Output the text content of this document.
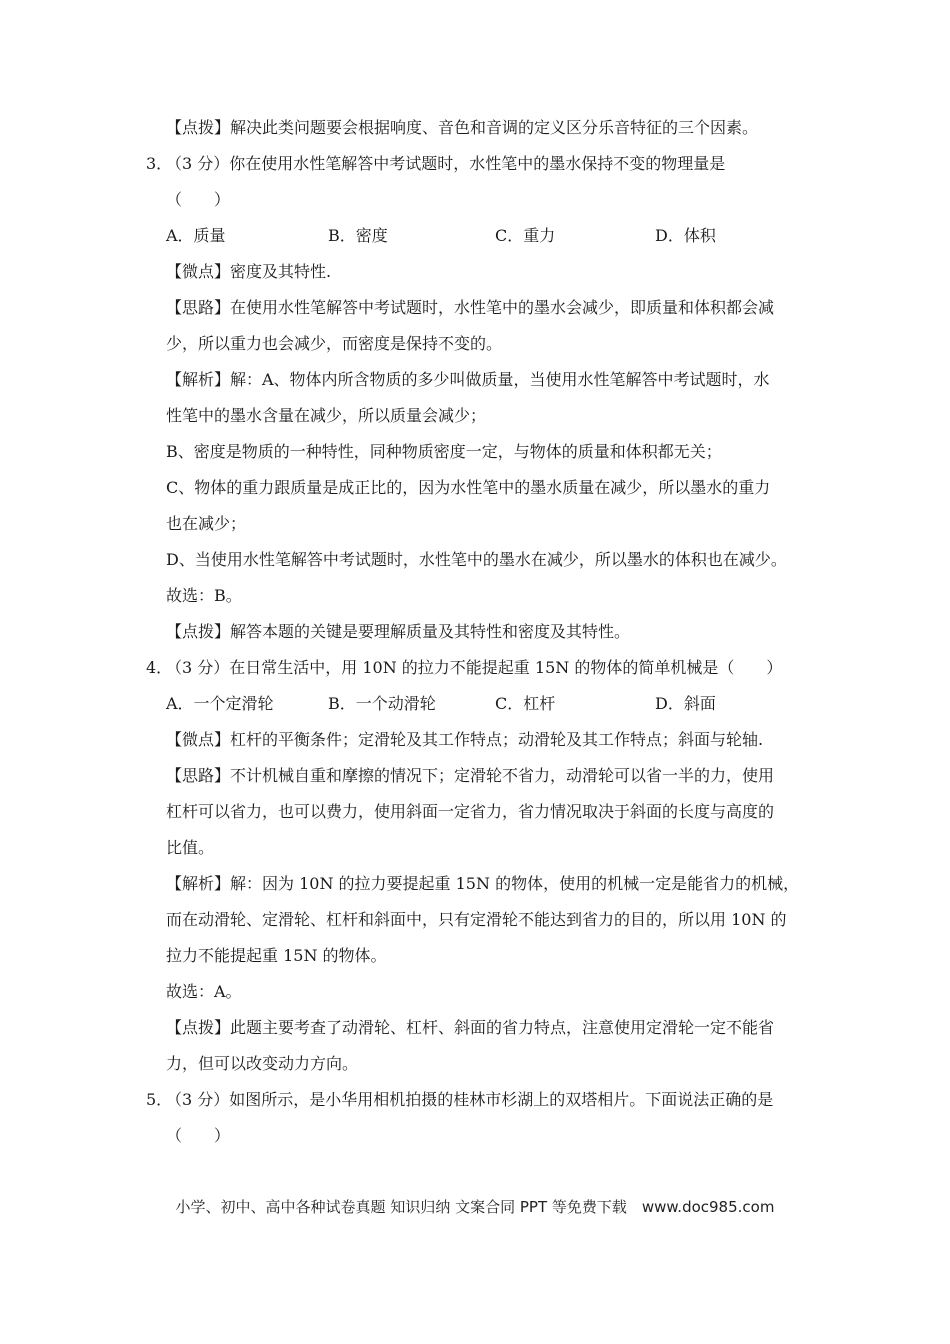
【点拨】解决此类问题要会根据响度、音色和音调的定义区分乐音特征的三个因素。
3．
（3 分）你在使用水性笔解答中考试题时，水性笔中的墨水保持不变的物理量是
（　　）
A．质量	B．密度	C．重力	D．体积
【微点】密度及其特性.
【思路】在使用水性笔解答中考试题时，水性笔中的墨水会减少，即质量和体积都会减
少，所以重力也会减少，而密度是保持不变的。
【解析】解：A、物体内所含物质的多少叫做质量，当使用水性笔解答中考试题时，水
性笔中的墨水含量在减少，所以质量会减少；
B、密度是物质的一种特性，同种物质密度一定，与物体的质量和体积都无关；
C、物体的重力跟质量是成正比的，因为水性笔中的墨水质量在减少，所以墨水的重力
也在减少；
D、当使用水性笔解答中考试题时，水性笔中的墨水在减少，所以墨水的体积也在减少。
故选：B。
【点拨】解答本题的关键是要理解质量及其特性和密度及其特性。
4．
（3 分）在日常生活中，用 10N 的拉力不能提起重 15N 的物体的简单机械是（　　）
A．一个定滑轮	B．一个动滑轮	C．杠杆	D．斜面
【微点】杠杆的平衡条件；定滑轮及其工作特点；动滑轮及其工作特点；斜面与轮轴.
【思路】不计机械自重和摩擦的情况下；定滑轮不省力，动滑轮可以省一半的力，使用
杠杆可以省力，也可以费力，使用斜面一定省力，省力情况取决于斜面的长度与高度的
比值。
【解析】解：因为 10N 的拉力要提起重 15N 的物体，使用的机械一定是能省力的机械，
而在动滑轮、定滑轮、杠杆和斜面中，只有定滑轮不能达到省力的目的，所以用 10N 的
拉力不能提起重 15N 的物体。
故选：A。
【点拨】此题主要考查了动滑轮、杠杆、斜面的省力特点，注意使用定滑轮一定不能省
力，但可以改变动力方向。
5．
（3 分）如图所示，是小华用相机拍摄的桂林市杉湖上的双塔相片。下面说法正确的是
（　　）
小学、初中、高中各种试卷真题 知识归纳 文案合同 PPT 等免费下载　www.doc985.com
